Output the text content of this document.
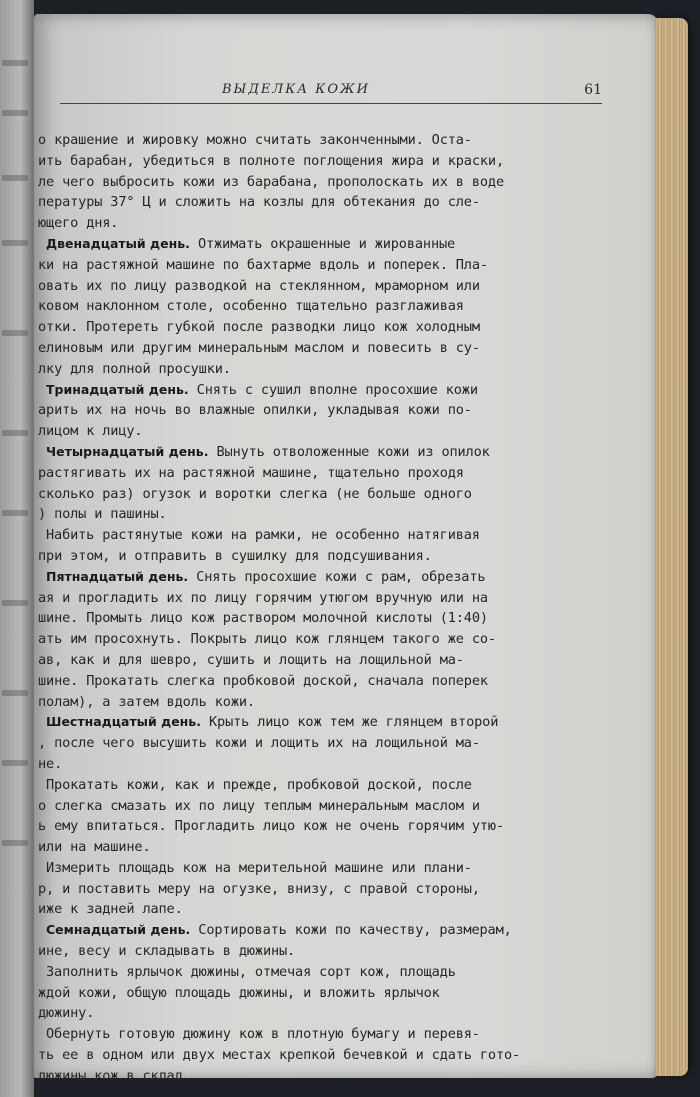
ВЫДЕЛКА КОЖИ	61
о крашение и жировку можно считать законченными. Оста-
ить барабан, убедиться в полноте поглощения жира и краски,
ле чего выбросить кожи из барабана, прополоскать их в воде
пературы 37° Ц и сложить на козлы для обтекания до сле-
ющего дня.
Двенадцатый день. Отжимать окрашенные и жированные
ки на растяжной машине по бахтарме вдоль и поперек. Пла-
овать их по лицу разводкой на стеклянном, мраморном или
ковом наклонном столе, особенно тщательно разглаживая
отки. Протереть губкой после разводки лицо кож холодным
елиновым или другим минеральным маслом и повесить в су-
лку для полной просушки.
Тринадцатый день. Снять с сушил вполне просохшие кожи
арить их на ночь во влажные опилки, укладывая кожи по-
лицом к лицу.
Четырнадцатый день. Вынуть отволоженные кожи из опилок
растягивать их на растяжной машине, тщательно проходя
сколько раз) огузок и воротки слегка (не больше одного
) полы и пашины.
Набить растянутые кожи на рамки, не особенно натягивая
при этом, и отправить в сушилку для подсушивания.
Пятнадцатый день. Снять просохшие кожи с рам, обрезать
ая и прогладить их по лицу горячим утюгом вручную или на
шине. Промыть лицо кож раствором молочной кислоты (1:40)
ать им просохнуть. Покрыть лицо кож глянцем такого же со-
ав, как и для шевро, сушить и лощить на лощильной ма-
шине. Прокатать слегка пробковой доской, сначала поперек
полам), а затем вдоль кожи.
Шестнадцатый день. Крыть лицо кож тем же глянцем второй
, после чего высушить кожи и лощить их на лощильной ма-
не.
Прокатать кожи, как и прежде, пробковой доской, после
о слегка смазать их по лицу теплым минеральным маслом и
ь ему впитаться. Прогладить лицо кож не очень горячим утю-
или на машине.
Измерить площадь кож на мерительной машине или плани-
р, и поставить меру на огузке, внизу, с правой стороны,
иже к задней лапе.
Семнадцатый день. Сортировать кожи по качеству, размерам,
ине, весу и складывать в дюжины.
Заполнить ярлычок дюжины, отмечая сорт кож, площадь
ждой кожи, общую площадь дюжины, и вложить ярлычок
дюжину.
Обернуть готовую дюжину кож в плотную бумагу и перевя-
ть ее в одном или двух местах крепкой бечевкой и сдать гото-
дюжины кож в склад.
